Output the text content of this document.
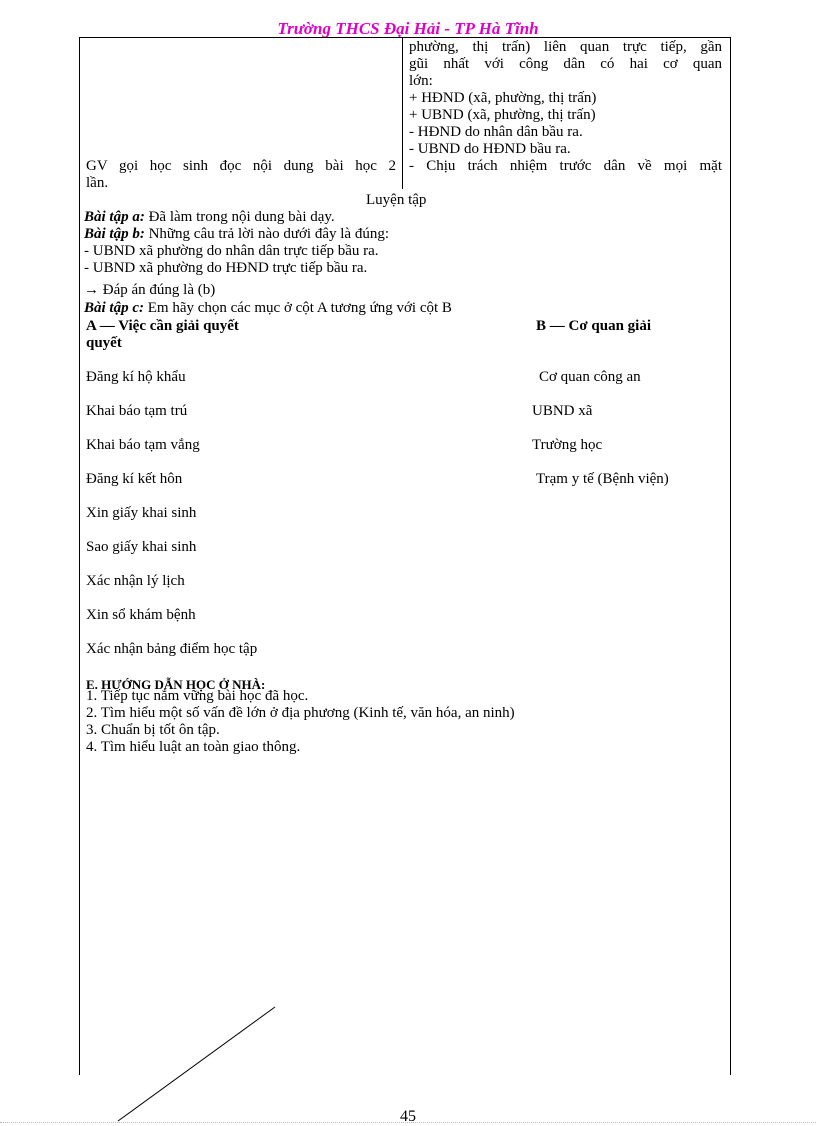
Trường THCS Đại Hải - TP Hà Tĩnh
phường, thị trấn) liên quan trực tiếp, gần
gũi nhất với công dân có hai cơ quan
lớn:
+ HĐND (xã, phường, thị trấn)
+ UBND (xã, phường, thị trấn)
- HĐND do nhân dân bầu ra.
- UBND do HĐND bầu ra.
- Chịu trách nhiệm trước dân về mọi mặt
GV gọi học sinh đọc nội dung bài học 2
lần.
Luyện tập
Bài tập a: Đã làm trong nội dung bài dạy.
Bài tập b: Những câu trả lời nào dưới đây là đúng:
- UBND xã phường do nhân dân trực tiếp bầu ra.
- UBND xã phường do HĐND trực tiếp bầu ra.
→ Đáp án đúng là (b)
Bài tập c: Em hãy chọn các mục ở cột A tương ứng với cột B
A — Việc cần giải quyết
quyết
B — Cơ quan giải
Đăng kí hộ khẩu
Khai báo tạm trú
Khai báo tạm vắng
Đăng kí kết hôn
Xin giấy khai sinh
Sao giấy khai sinh
Xác nhận lý lịch
Xin sổ khám bệnh
Xác nhận bảng điểm học tập
Cơ quan công an
UBND xã
Trường học
Trạm y tế (Bệnh viện)
E. HƯỚNG DẪN HỌC Ở NHÀ:
1. Tiếp tục nắm vững bài học đã học.
2. Tìm hiểu một số vấn đề lớn ở địa phương (Kinh tế, văn hóa, an ninh)
3. Chuẩn bị tốt ôn tập.
4. Tìm hiểu luật an toàn giao thông.
45
